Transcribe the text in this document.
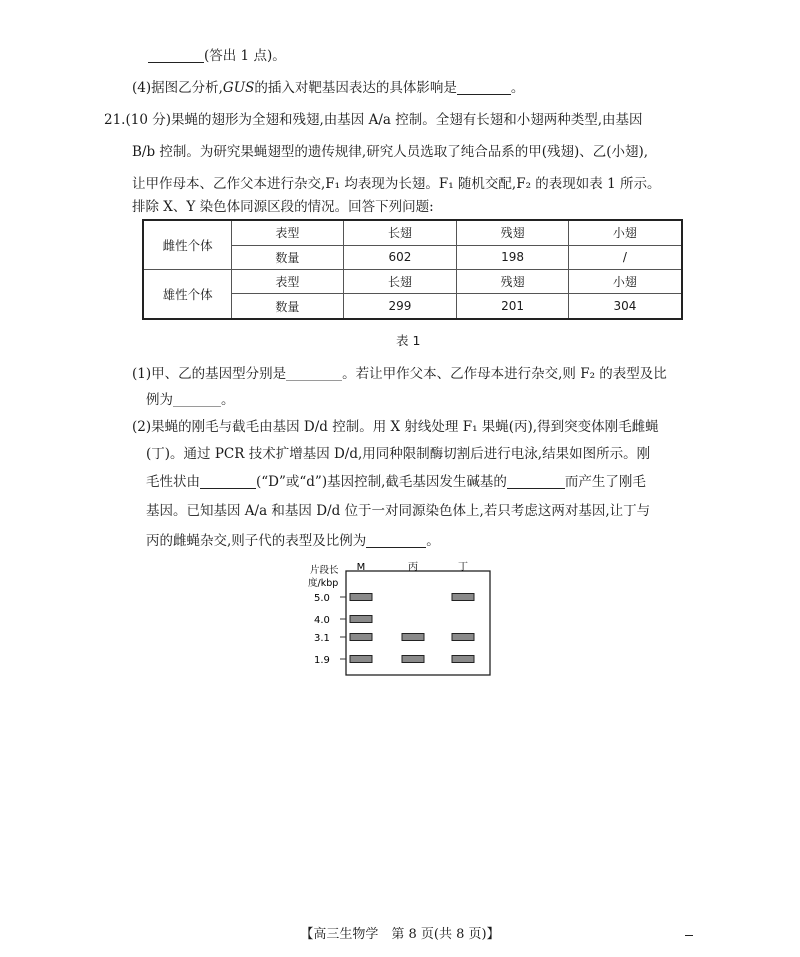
(答出 1 点)。
(4)据图乙分析,GUS的插入对靶基因表达的具体影响是	。
21.(10 分)果蝇的翅形为全翅和残翅,由基因 A/a 控制。全翅有长翅和小翅两种类型,由基因
B/b 控制。为研究果蝇翅型的遗传规律,研究人员选取了纯合品系的甲(残翅)、乙(小翅),
让甲作母本、乙作父本进行杂交,F₁ 均表现为长翅。F₁ 随机交配,F₂ 的表现如表 1 所示。
排除 X、Y 染色体同源区段的情况。回答下列问题:
雌性个体	表型	长翅	残翅	小翅
	数量	602	198	/
雄性个体	表型	长翅	残翅	小翅
	数量	299	201	304
表 1
(1)甲、乙的基因型分别是	。若让甲作父本、乙作母本进行杂交,则 F₂ 的表型及比
例为	。
(2)果蝇的刚毛与截毛由基因 D/d 控制。用 X 射线处理 F₁ 果蝇(丙),得到突变体刚毛雌蝇
(丁)。通过 PCR 技术扩增基因 D/d,用同种限制酶切割后进行电泳,结果如图所示。刚
毛性状由	(“D”或“d”)基因控制,截毛基因发生碱基的	而产生了刚毛
基因。已知基因 A/a 和基因 D/d 位于一对同源染色体上,若只考虑这两对基因,让丁与
丙的雌蝇杂交,则子代的表型及比例为	。
片段长
度/kbp
M	丙	丁
5.0
4.0
3.1
1.9
【高三生物学　第 8 页(共 8 页)】
